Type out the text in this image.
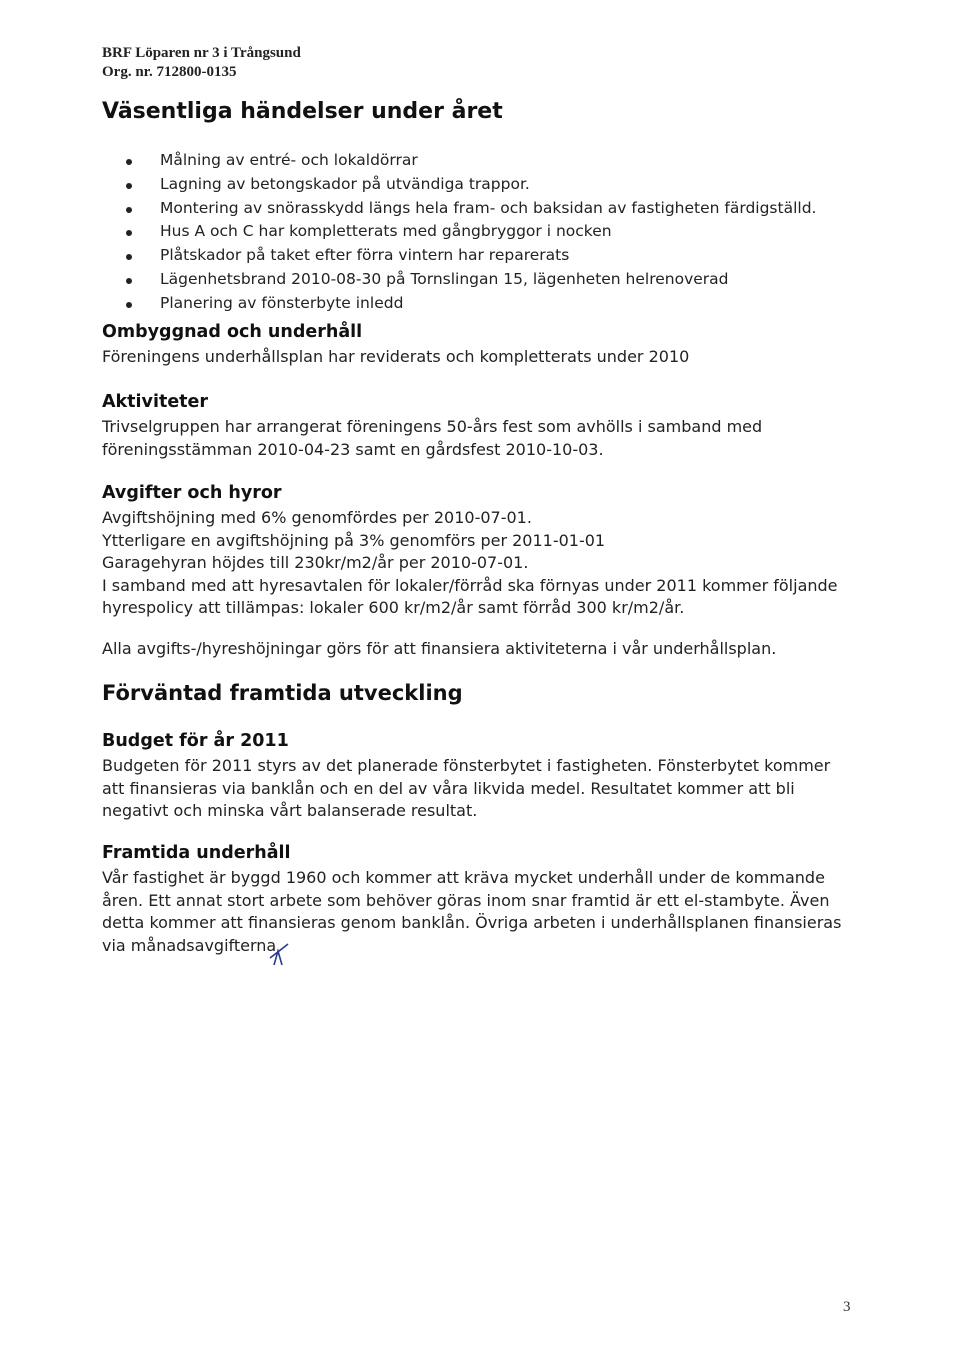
BRF Löparen nr 3 i Trångsund
Org. nr. 712800-0135
Väsentliga händelser under året
Målning av entré- och lokaldörrar
Lagning av betongskador på utvändiga trappor.
Montering av snörasskydd längs hela fram- och baksidan av fastigheten färdigställd.
Hus A och C har kompletterats med gångbryggor i nocken
Plåtskador på taket efter förra vintern har reparerats
Lägenhetsbrand 2010-08-30 på Tornslingan 15, lägenheten helrenoverad
Planering av fönsterbyte inledd
Ombyggnad och underhåll
Föreningens underhållsplan har reviderats och kompletterats under 2010
Aktiviteter
Trivselgruppen har arrangerat föreningens 50-års fest som avhölls i samband med
föreningsstämman 2010-04-23 samt en gårdsfest 2010-10-03.
Avgifter och hyror
Avgiftshöjning med 6% genomfördes per 2010-07-01.
Ytterligare en avgiftshöjning på 3% genomförs per 2011-01-01
Garagehyran höjdes till 230kr/m2/år per 2010-07-01.
I samband med att hyresavtalen för lokaler/förråd ska förnyas under 2011 kommer följande
hyrespolicy att tillämpas: lokaler 600 kr/m2/år samt förråd 300 kr/m2/år.
Alla avgifts-/hyreshöjningar görs för att finansiera aktiviteterna i vår underhållsplan.
Förväntad framtida utveckling
Budget för år 2011
Budgeten för 2011 styrs av det planerade fönsterbytet i fastigheten. Fönsterbytet kommer
att finansieras via banklån och en del av våra likvida medel. Resultatet kommer att bli
negativt och minska vårt balanserade resultat.
Framtida underhåll
Vår fastighet är byggd 1960 och kommer att kräva mycket underhåll under de kommande
åren. Ett annat stort arbete som behöver göras inom snar framtid är ett el-stambyte. Även
detta kommer att finansieras genom banklån. Övriga arbeten i underhållsplanen finansieras
via månadsavgifterna
3
